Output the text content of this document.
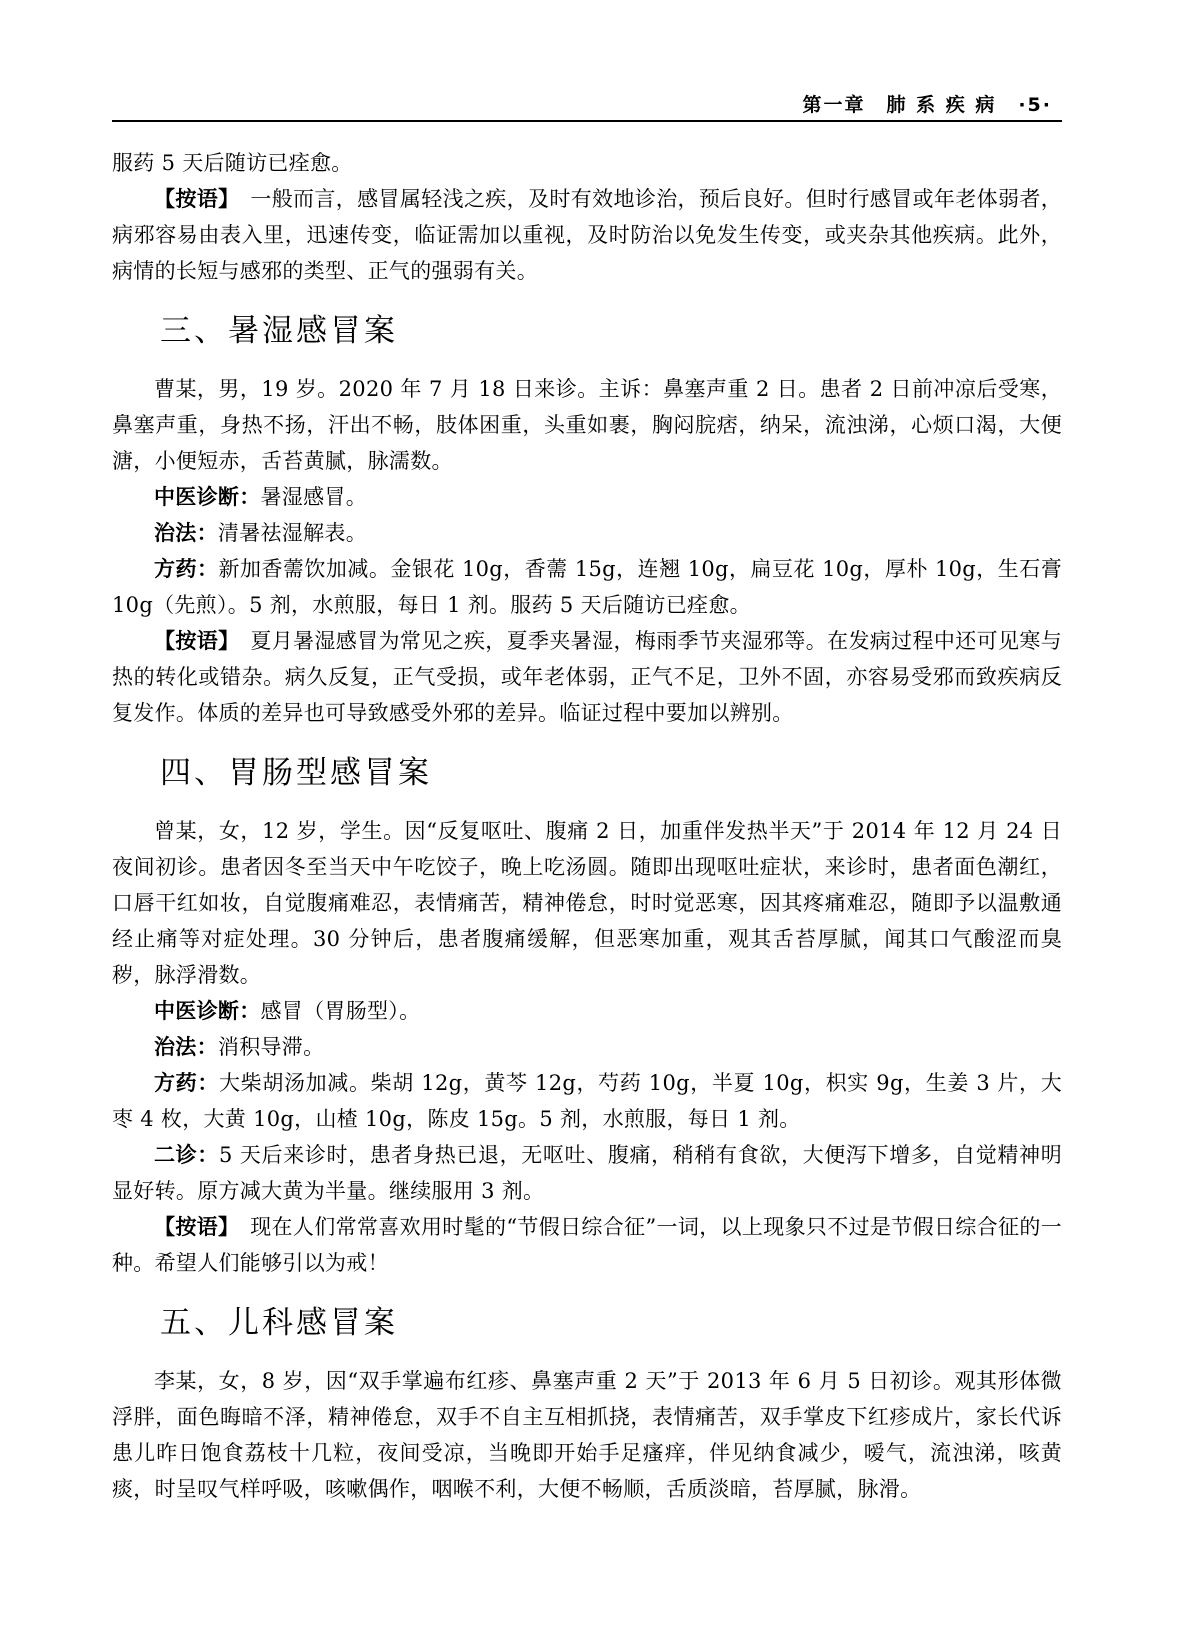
第一章　肺 系 疾 病 ·5·

服药 5 天后随访已痊愈。

【按语】　 一般而言，感冒属轻浅之疾，及时有效地诊治，预后良好。但时行感冒或年老体弱者，病邪容易由表入里，迅速传变，临证需加以重视，及时防治以免发生传变，或夹杂其他疾病。此外，病情的长短与感邪的类型、正气的强弱有关。

三、暑湿感冒案

曹某，男，19 岁。2020 年 7 月 18 日来诊。主诉：鼻塞声重 2 日。患者 2 日前冲凉后受寒，鼻塞声重，身热不扬，汗出不畅，肢体困重，头重如裹，胸闷脘痞，纳呆，流浊涕，心烦口渴，大便溏，小便短赤，舌苔黄腻，脉濡数。

中医诊断：暑湿感冒。

治法：清暑祛湿解表。

方药：新加香薷饮加减。金银花 10g，香薷 15g，连翘 10g，扁豆花 10g，厚朴 10g，生石膏 10g（先煎）。5 剂，水煎服，每日 1 剂。服药 5 天后随访已痊愈。

【按语】　 夏月暑湿感冒为常见之疾，夏季夹暑湿，梅雨季节夹湿邪等。在发病过程中还可见寒与热的转化或错杂。病久反复，正气受损，或年老体弱，正气不足，卫外不固，亦容易受邪而致疾病反复发作。体质的差异也可导致感受外邪的差异。临证过程中要加以辨别。

四、胃肠型感冒案

曾某，女，12 岁，学生。因“反复呕吐、腹痛 2 日，加重伴发热半天”于 2014 年 12 月 24 日夜间初诊。患者因冬至当天中午吃饺子，晚上吃汤圆。随即出现呕吐症状，来诊时，患者面色潮红，口唇干红如妆，自觉腹痛难忍，表情痛苦，精神倦怠，时时觉恶寒，因其疼痛难忍，随即予以温敷通经止痛等对症处理。30 分钟后，患者腹痛缓解，但恶寒加重，观其舌苔厚腻，闻其口气酸涩而臭秽，脉浮滑数。

中医诊断：感冒（胃肠型）。

治法：消积导滞。

方药：大柴胡汤加减。柴胡 12g，黄芩 12g，芍药 10g，半夏 10g，枳实 9g，生姜 3 片，大枣 4 枚，大黄 10g，山楂 10g，陈皮 15g。5 剂，水煎服，每日 1 剂。

二诊：5 天后来诊时，患者身热已退，无呕吐、腹痛，稍稍有食欲，大便泻下增多，自觉精神明显好转。原方减大黄为半量。继续服用 3 剂。

【按语】　 现在人们常常喜欢用时髦的“节假日综合征”一词，以上现象只不过是节假日综合征的一种。希望人们能够引以为戒！

五、儿科感冒案

李某，女，8 岁，因“双手掌遍布红疹、鼻塞声重 2 天”于 2013 年 6 月 5 日初诊。观其形体微浮胖，面色晦暗不泽，精神倦怠，双手不自主互相抓挠，表情痛苦，双手掌皮下红疹成片，家长代诉患儿昨日饱食荔枝十几粒，夜间受凉，当晚即开始手足瘙痒，伴见纳食减少，嗳气，流浊涕，咳黄痰，时呈叹气样呼吸，咳嗽偶作，咽喉不利，大便不畅顺，舌质淡暗，苔厚腻，脉滑。
